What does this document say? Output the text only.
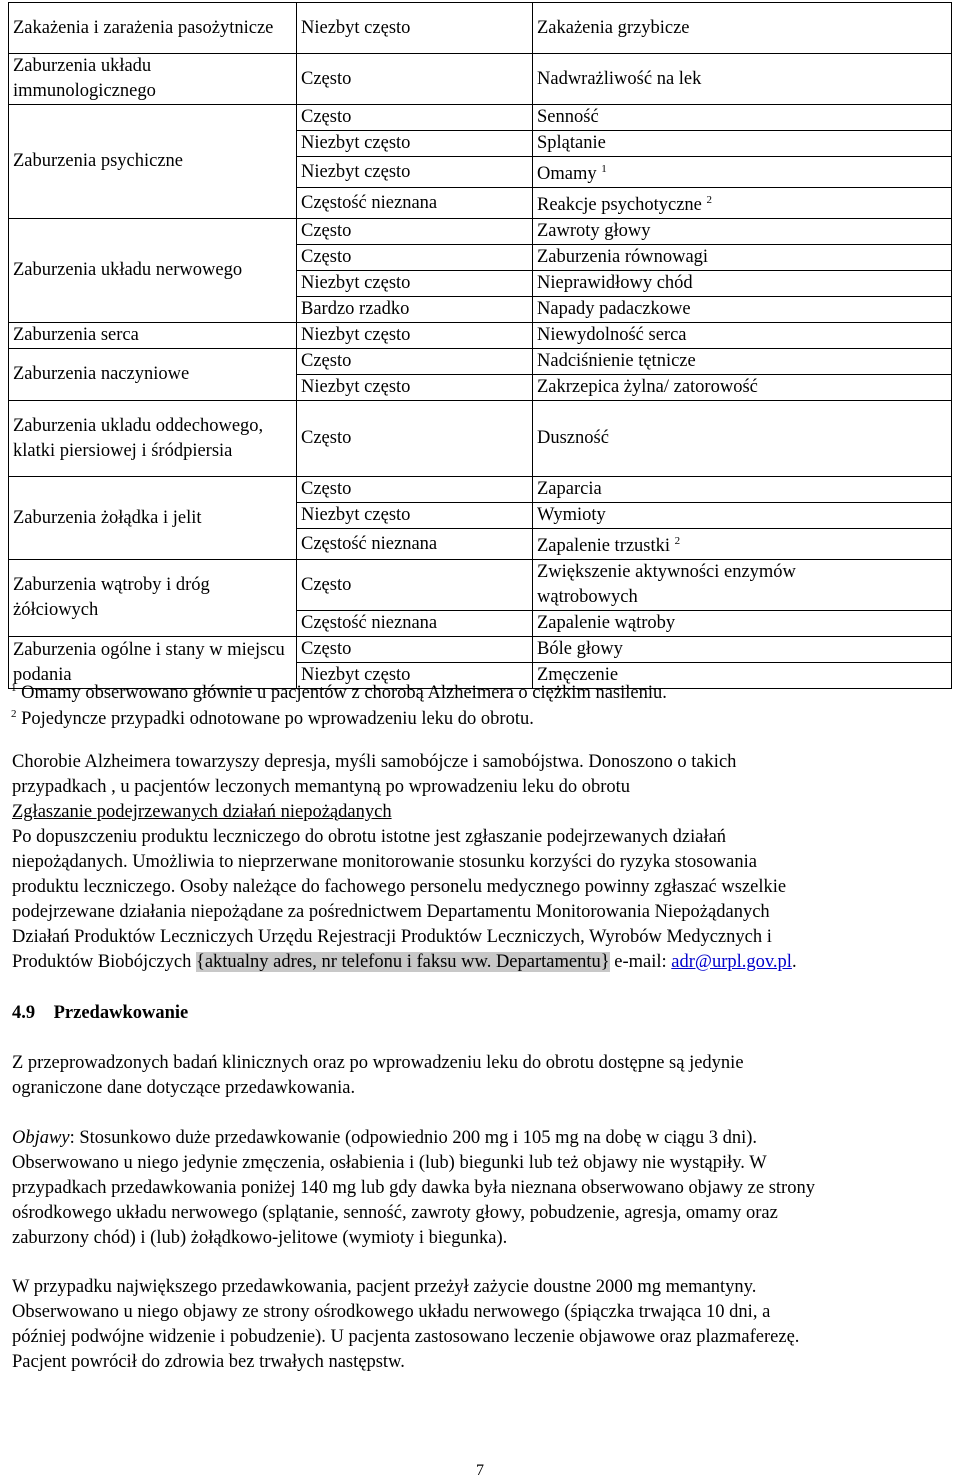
Zakażenia i zarażenia pasożytnicze	Niezbyt często	Zakażenia grzybicze
Zaburzenia układu immunologicznego	Często	Nadwrażliwość na lek
Zaburzenia psychiczne	Często	Senność
	Niezbyt często	Splątanie
	Niezbyt często	Omamy $^1$
	Częstość nieznana	Reakcje psychotyczne $^2$
Zaburzenia układu nerwowego	Często	Zawroty głowy
	Często	Zaburzenia równowagi
	Niezbyt często	Nieprawidłowy chód
	Bardzo rzadko	Napady padaczkowe
Zaburzenia serca	Niezbyt często	Niewydolność serca
Zaburzenia naczyniowe	Często	Nadciśnienie tętnicze
	Niezbyt często	Zakrzepica żylna/ zatorowość
Zaburzenia ukladu oddechowego, klatki piersiowej i śródpiersia	Często	Duszność
Zaburzenia żołądka i jelit	Często	Zaparcia
	Niezbyt często	Wymioty
	Częstość nieznana	Zapalenie trzustki $^2$
Zaburzenia wątroby i dróg żółciowych	Często	Zwiększenie aktywności enzymów wątrobowych
	Częstość nieznana	Zapalenie wątroby
Zaburzenia ogólne i stany w miejscu podania	Często	Bóle głowy
	Niezbyt często	Zmęczenie
$^1$ Omamy obserwowano głównie u pacjentów z chorobą Alzheimera o ciężkim nasileniu.
$^2$ Pojedyncze przypadki odnotowane po wprowadzeniu leku do obrotu.

Chorobie Alzheimera towarzyszy depresja, myśli samobójcze i samobójstwa. Donoszono o takich

przypadkach , u pacjentów leczonych memantyną po wprowadzeniu leku do obrotu

Zgłaszanie podejrzewanych działań niepożądanych

Po dopuszczeniu produktu leczniczego do obrotu istotne jest zgłaszanie podejrzewanych działań

niepożądanych. Umożliwia to nieprzerwane monitorowanie stosunku korzyści do ryzyka stosowania

produktu leczniczego. Osoby należące do fachowego personelu medycznego powinny zgłaszać wszelkie

podejrzewane działania niepożądane za pośrednictwem Departamentu Monitorowania Niepożądanych

Działań Produktów Leczniczych Urzędu Rejestracji Produktów Leczniczych, Wyrobów Medycznych i

Produktów Biobójczych {aktualny adres, nr telefonu i faksu ww. Departamentu} e-mail: adr@urpl.gov.pl.

4.9 Przedawkowanie

Z przeprowadzonych badań klinicznych oraz po wprowadzeniu leku do obrotu dostępne są jedynie

ograniczone dane dotyczące przedawkowania.

Objawy: Stosunkowo duże przedawkowanie (odpowiednio 200 mg i 105 mg na dobę w ciągu 3 dni).

Obserwowano u niego jedynie zmęczenia, osłabienia i (lub) biegunki lub też objawy nie wystąpiły. W

przypadkach przedawkowania poniżej 140 mg lub gdy dawka była nieznana obserwowano objawy ze strony

ośrodkowego układu nerwowego (splątanie, senność, zawroty głowy, pobudzenie, agresja, omamy oraz

zaburzony chód) i (lub) żołądkowo-jelitowe (wymioty i biegunka).

W przypadku największego przedawkowania, pacjent przeżył zażycie doustne 2000 mg memantyny.

Obserwowano u niego objawy ze strony ośrodkowego układu nerwowego (śpiączka trwająca 10 dni, a

później podwójne widzenie i pobudzenie). U pacjenta zastosowano leczenie objawowe oraz plazmaferezę.

Pacjent powrócił do zdrowia bez trwałych następstw.

7
